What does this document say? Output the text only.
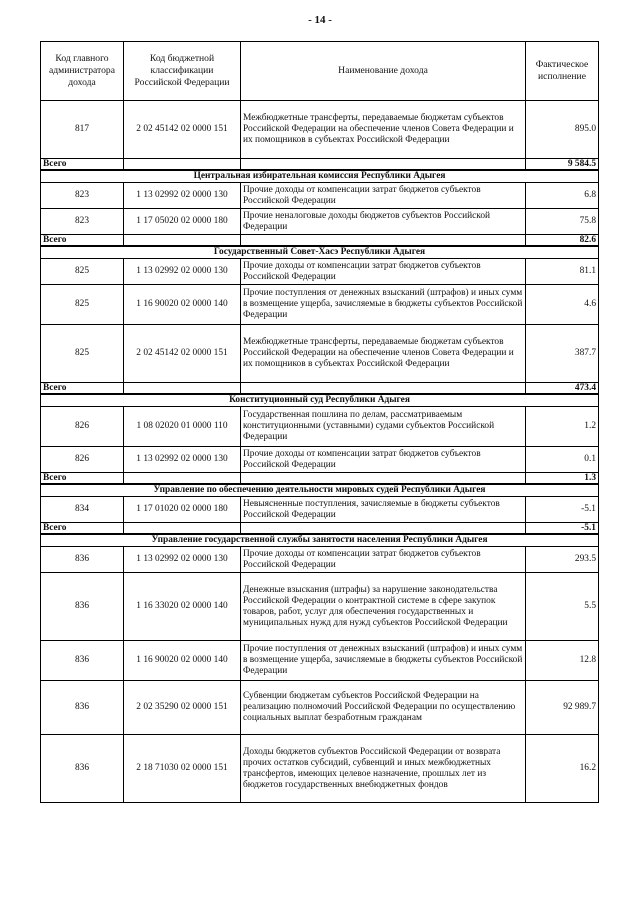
- 14 -
Код главного администратора дохода	Код бюджетной классификации Российской Федерации	Наименование дохода	Фактическое исполнение
817	2 02 45142 02 0000 151	Межбюджетные трансферты, передаваемые бюджетам субъектов Российской Федерации на обеспечение членов Совета Федерации и их помощников в субъектах Российской Федерации	895.0
Всего			9 584.5
Центральная избирательная комиссия Республики Адыгея			
823	1 13 02992 02 0000 130	Прочие доходы от компенсации затрат бюджетов субъектов Российской Федерации	6.8
823	1 17 05020 02 0000 180	Прочие неналоговые доходы бюджетов субъектов Российской Федерации	75.8
Всего			82.6
Государственный Совет-Хасэ Республики Адыгея			
825	1 13 02992 02 0000 130	Прочие доходы от компенсации затрат бюджетов субъектов Российской Федерации	81.1
825	1 16 90020 02 0000 140	Прочие поступления от денежных взысканий (штрафов) и иных сумм в возмещение ущерба, зачисляемые в бюджеты субъектов Российской Федерации	4.6
825	2 02 45142 02 0000 151	Межбюджетные трансферты, передаваемые бюджетам субъектов Российской Федерации на обеспечение членов Совета Федерации и их помощников в субъектах Российской Федерации	387.7
Всего			473.4
Конституционный суд Республики Адыгея			
826	1 08 02020 01 0000 110	Государственная пошлина по делам, рассматриваемым конституционными (уставными) судами субъектов Российской Федерации	1.2
826	1 13 02992 02 0000 130	Прочие доходы от компенсации затрат бюджетов субъектов Российской Федерации	0.1
Всего			1.3
Управление по обеспечению деятельности мировых судей Республики Адыгея			
834	1 17 01020 02 0000 180	Невыясненные поступления, зачисляемые в бюджеты субъектов Российской Федерации	-5.1
Всего			-5.1
Управление государственной службы занятости населения Республики Адыгея			
836	1 13 02992 02 0000 130	Прочие доходы от компенсации затрат бюджетов субъектов Российской Федерации	293.5
836	1 16 33020 02 0000 140	Денежные взыскания (штрафы) за нарушение законодательства Российской Федерации о контрактной системе в сфере закупок товаров, работ, услуг для обеспечения государственных и муниципальных нужд для нужд субъектов Российской Федерации	5.5
836	1 16 90020 02 0000 140	Прочие поступления от денежных взысканий (штрафов) и иных сумм в возмещение ущерба, зачисляемые в бюджеты субъектов Российской Федерации	12.8
836	2 02 35290 02 0000 151	Субвенции бюджетам субъектов Российской Федерации на реализацию полномочий Российской Федерации по осуществлению социальных выплат безработным гражданам	92 989.7
836	2 18 71030 02 0000 151	Доходы бюджетов субъектов Российской Федерации от возврата прочих остатков субсидий, субвенций и иных межбюджетных трансфертов, имеющих целевое назначение, прошлых лет из бюджетов государственных внебюджетных фондов	16.2
